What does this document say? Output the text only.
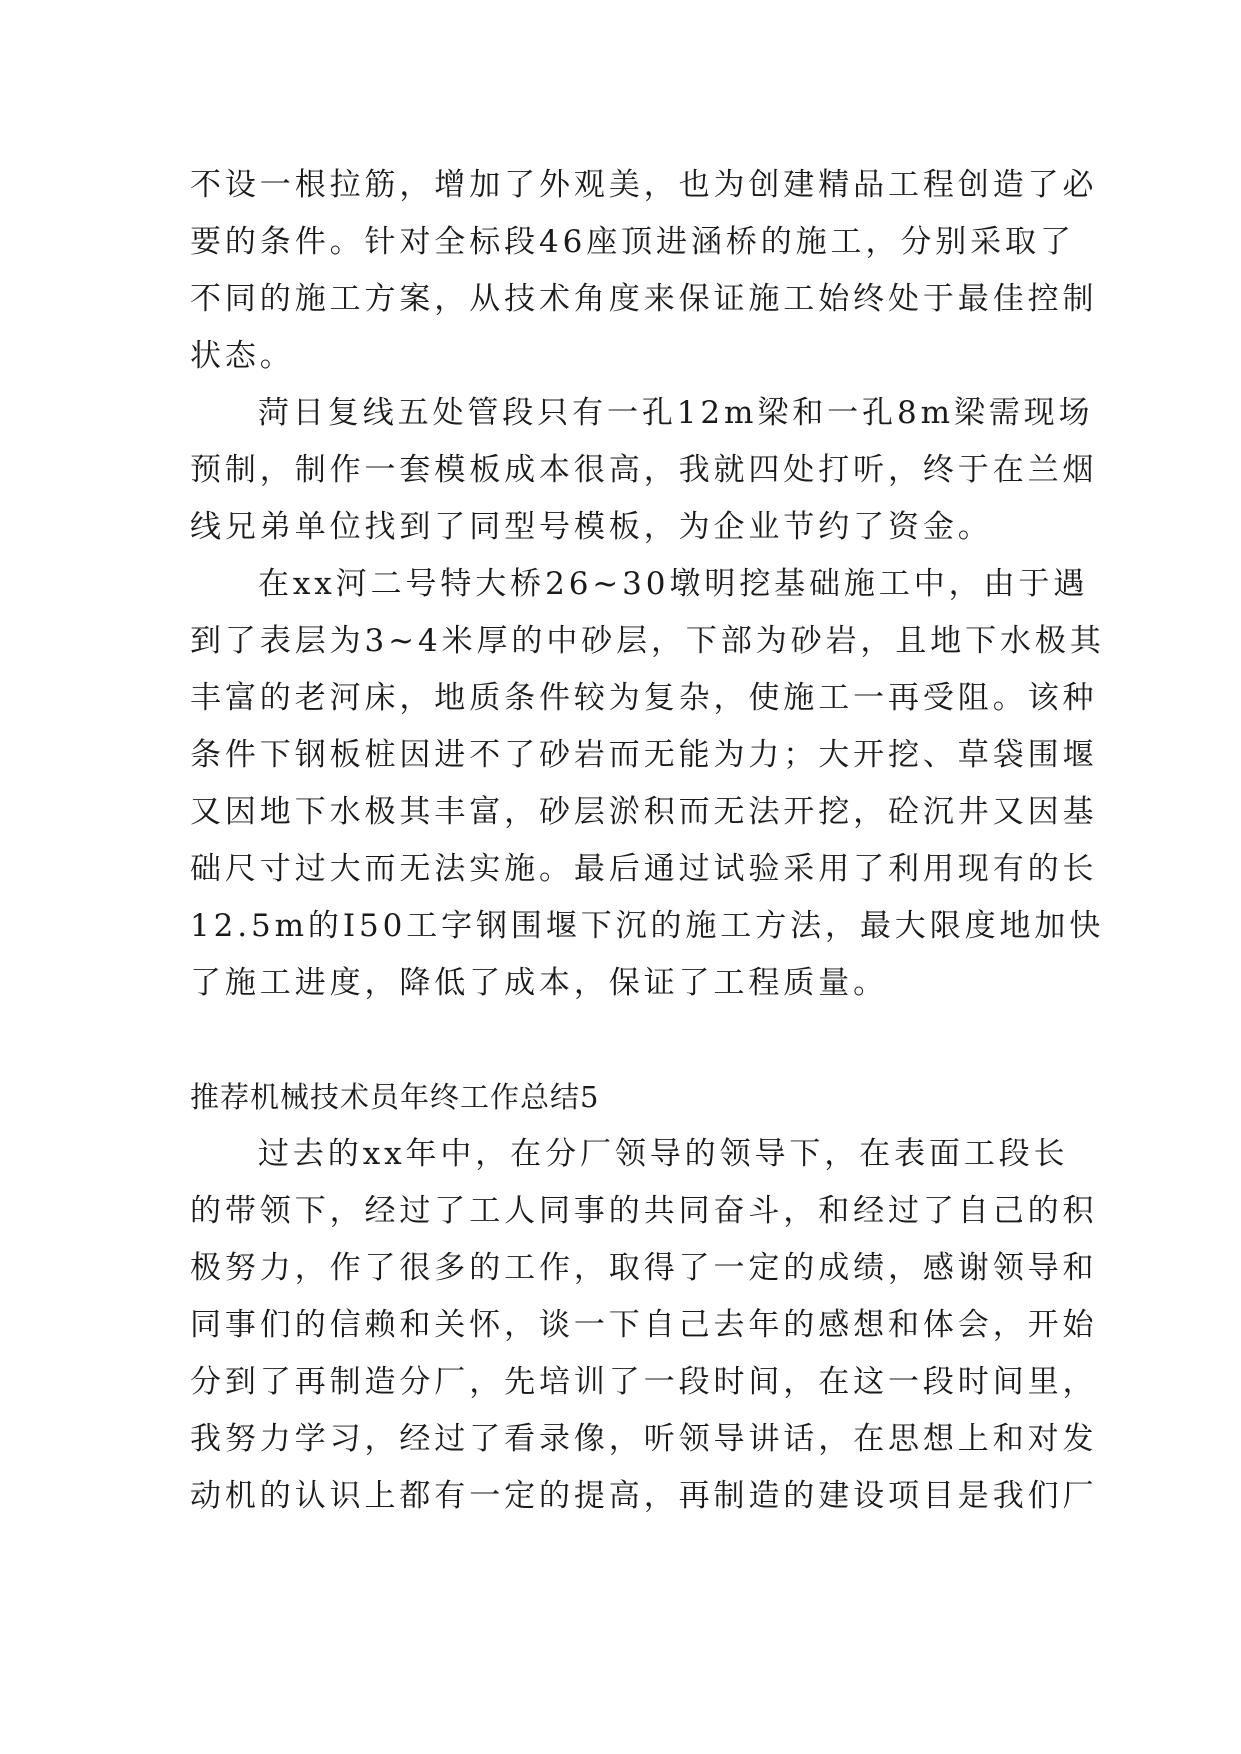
不设一根拉筋，增加了外观美，也为创建精品工程创造了必
要的条件。针对全标段46座顶进涵桥的施工，分别采取了
不同的施工方案，从技术角度来保证施工始终处于最佳控制
状态。
菏日复线五处管段只有一孔12m梁和一孔8m梁需现场
预制，制作一套模板成本很高，我就四处打听，终于在兰烟
线兄弟单位找到了同型号模板，为企业节约了资金。
在xx河二号特大桥26~30墩明挖基础施工中，由于遇
到了表层为3~4米厚的中砂层，下部为砂岩，且地下水极其
丰富的老河床，地质条件较为复杂，使施工一再受阻。该种
条件下钢板桩因进不了砂岩而无能为力；大开挖、草袋围堰
又因地下水极其丰富，砂层淤积而无法开挖，砼沉井又因基
础尺寸过大而无法实施。最后通过试验采用了利用现有的长
12.5m的I50工字钢围堰下沉的施工方法，最大限度地加快
了施工进度，降低了成本，保证了工程质量。
推荐机械技术员年终工作总结5
过去的xx年中，在分厂领导的领导下，在表面工段长
的带领下，经过了工人同事的共同奋斗，和经过了自己的积
极努力，作了很多的工作，取得了一定的成绩，感谢领导和
同事们的信赖和关怀，谈一下自己去年的感想和体会，开始
分到了再制造分厂，先培训了一段时间，在这一段时间里，
我努力学习，经过了看录像，听领导讲话，在思想上和对发
动机的认识上都有一定的提高，再制造的建设项目是我们厂
